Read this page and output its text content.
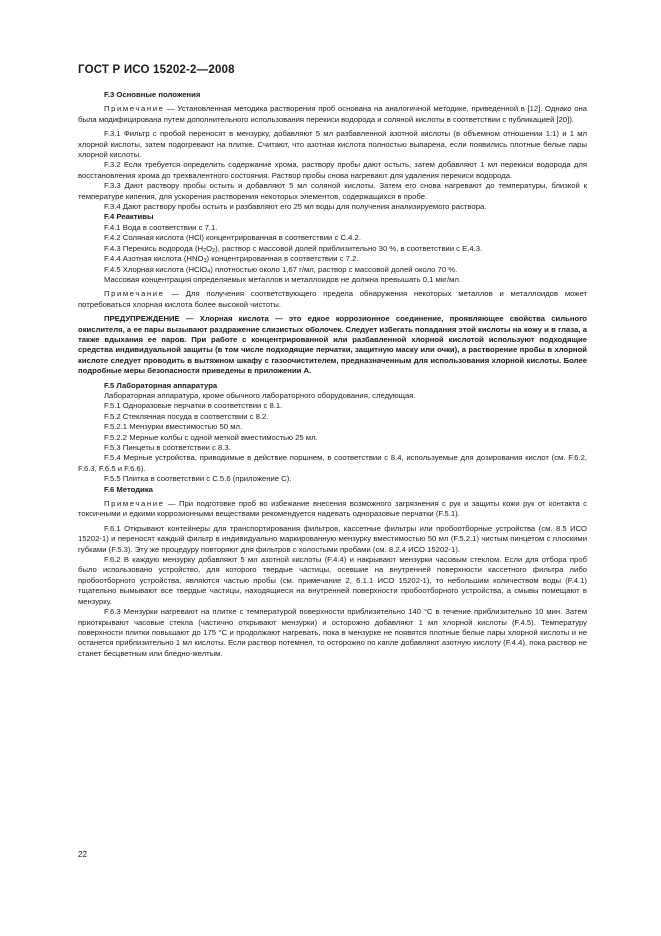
ГОСТ Р ИСО 15202-2—2008

F.3 Основные положения

Примечание — Установленная методика растворения проб основана на аналогичной методике, приведенной в [12]. Однако она была модифицирована путем дополнительного использования перекиси водорода и соляной кислоты в соответствии с публикацией [20]).

F.3.1 Фильтр с пробой переносят в мензурку, добавляют 5 мл разбавленной азотной кислоты (в объемном отношении 1:1) и 1 мл хлорной кислоты, затем подогревают на плитке. Считают, что азотная кислота полностью выпарена, если появились плотные белые пары хлорной кислоты.

F.3.2 Если требуется определить содержание хрома, раствору пробы дают остыть, затем добавляют 1 мл перекиси водорода для восстановления хрома до трехвалентного состояния. Раствор пробы снова нагревают для удаления перекиси водорода.

F.3.3 Дают раствору пробы остыть и добавляют 5 мл соляной кислоты. Затем его снова нагревают до температуры, близкой к температуре кипения, для ускорения растворения некоторых элементов, содержащихся в пробе.

F.3.4 Дают раствору пробы остыть и разбавляют его 25 мл воды для получения анализируемого раствора.

F.4 Реактивы

F.4.1 Вода в соответствии с 7.1.

F.4.2 Соляная кислота (HCl) концентрированная в соответствии с С.4.2.

F.4.3 Перекись водорода $(H_2O_2)$, раствор с массовой долей приблизительно 30 %, в соответствии с Е.4.3.

F.4.4 Азотная кислота $(HNO_3)$ концентрированная в соответствии с 7.2.

F.4.5 Хлорная кислота (HClO$_4$) плотностью около 1,67 г/мл, раствор с массовой долей около 70 %.

Массовая концентрация определяемых металлов и металлоидов не должна превышать 0,1 мкг/мл.

Примечание — Для получения соответствующего предела обнаружения некоторых металлов и металлоидов может потребоваться хлорная кислота более высокой чистоты.

ПРЕДУПРЕЖДЕНИЕ — Хлорная кислота — это едкое коррозионное соединение, проявляющее свойства сильного окислителя, а ее пары вызывают раздражение слизистых оболочек. Следует избегать попадания этой кислоты на кожу и в глаза, а также вдыхания ее паров. При работе с концентрированной или разбавленной хлорной кислотой используют подходящие средства индивидуальной защиты (в том числе подходящие перчатки, защитную маску или очки), а растворение пробы в хлорной кислоте следует проводить в вытяжном шкафу с газоочистителем, предназначенным для использования хлорной кислоты. Более подробные меры безопасности приведены в приложении А.

F.5 Лабораторная аппаратура

Лабораторная аппаратура, кроме обычного лабораторного оборудования, следующая.

F.5.1 Одноразовые перчатки в соответствии с 8.1.

F.5.2 Стеклянная посуда в соответствии с 8.2.

F.5.2.1 Мензурки вместимостью 50 мл.

F.5.2.2 Мерные колбы с одной меткой вместимостью 25 мл.

F.5.3 Пинцеты в соответствии с 8.3.

F.5.4 Мерные устройства, приводимые в действие поршнем, в соответствии с 8.4, используемые для дозирования кислот (см. F.6.2, F.6.3, F.6.5 и F.6.6).

F.5.5 Плитка в соответствии с С.5.6 (приложение С).

F.6 Методика

Примечание — При подготовке проб во избежание внесения возможного загрязнения с рук и защиты кожи рук от контакта с токсичными и едкими коррозионными веществами рекомендуется надевать одноразовые перчатки (F.5.1).

F.6.1 Открывают контейнеры для транспортирования фильтров, кассетные фильтры или пробоотборные устройства (см. 8.5 ИСО 15202-1) и переносят каждый фильтр в индивидуально маркированную мензурку вместимостью 50 мл (F.5.2.1) чистым пинцетом с плоскими губками (F.5.3). Эту же процедуру повторяют для фильтров с холостыми пробами (см. 8.2.4 ИСО 15202-1).

F.6.2 В каждую мензурку добавляют 5 мл азотной кислоты (F.4.4) и накрывают мензурки часовым стеклом. Если для отбора проб было использовано устройство, для которого твердые частицы, осевшие на внутренней поверхности кассетного фильтра либо пробоотборного устройства, являются частью пробы (см. примечание 2, 6.1.1 ИСО 15202-1), то небольшим количеством воды (F.4.1) тщательно вымывают все твердые частицы, находящиеся на внутренней поверхности пробоотборного устройства, а смывы помещают в мензурку.

F.6.3 Мензурки нагревают на плитке с температурой поверхности приблизительно 140 °С в течение приблизительно 10 мин. Затем приоткрывают часовые стекла (частично открывают мензурки) и осторожно добавляют 1 мл хлорной кислоты (F.4.5). Температуру поверхности плитки повышают до 175 °С и продолжают нагревать, пока в мензурке не появятся плотные белые пары хлорной кислоты и не останется приблизительно 1 мл кислоты. Если раствор потемнел, то осторожно по капле добавляют азотную кислоту (F.4.4), пока раствор не станет бесцветным или бледно-желтым.

22
